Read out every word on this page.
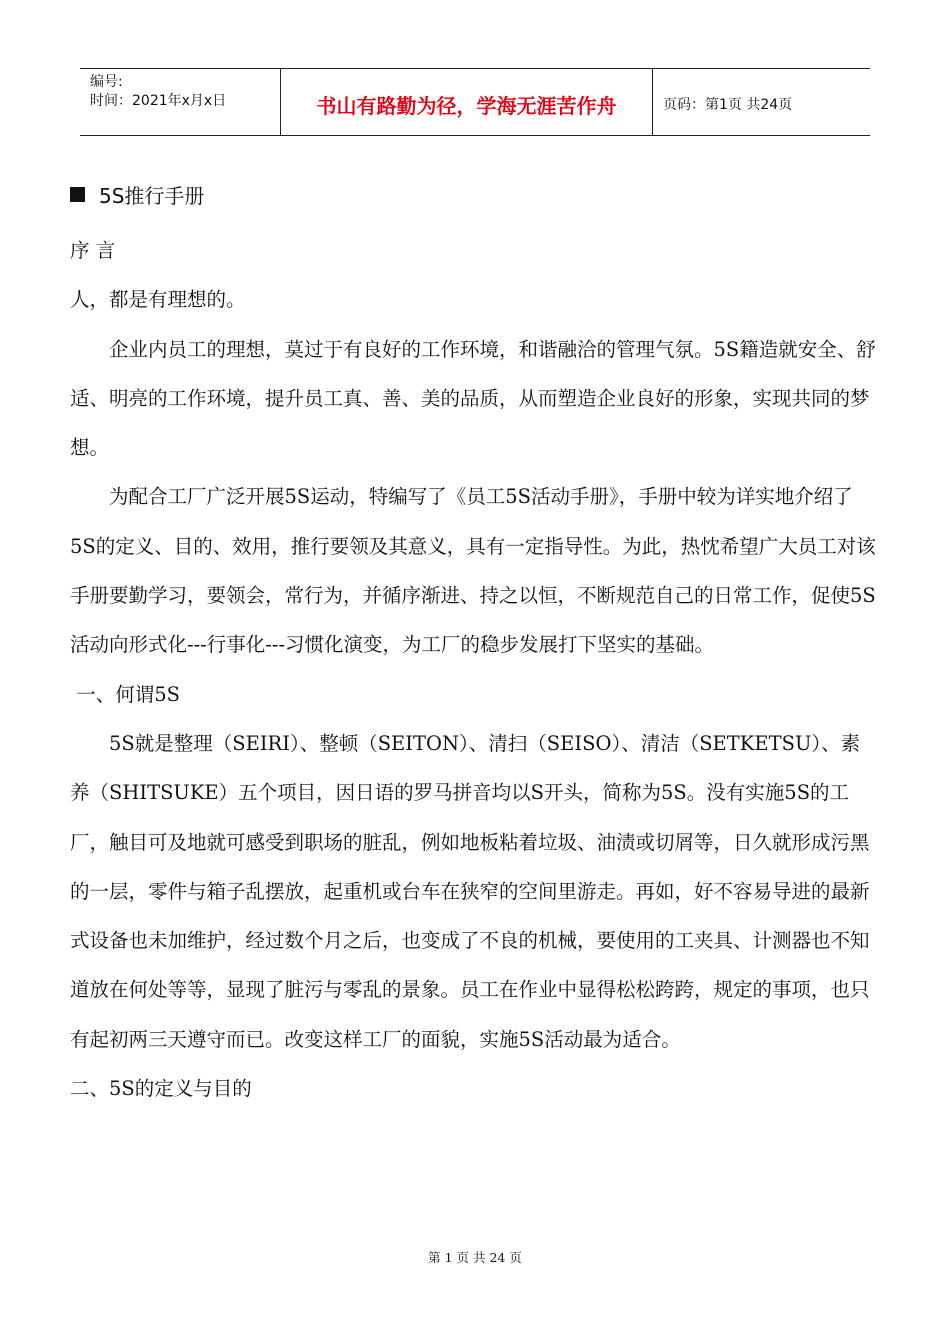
编号:
时间：2021年x月x日	书山有路勤为径，学海无涯苦作舟	页码：第1页 共24页
5S推行手册

序 言

人，都是有理想的。

企业内员工的理想，莫过于有良好的工作环境，和谐融洽的管理气氛。5S籍造就安全、舒适、明亮的工作环境，提升员工真、善、美的品质，从而塑造企业良好的形象，实现共同的梦想。

为配合工厂广泛开展5S运动，特编写了《员工5S活动手册》，手册中较为详实地介绍了5S的定义、目的、效用，推行要领及其意义，具有一定指导性。为此，热忱希望广大员工对该手册要勤学习，要领会，常行为，并循序渐进、持之以恒，不断规范自己的日常工作，促使5S活动向形式化---行事化---习惯化演变，为工厂的稳步发展打下坚实的基础。

一、何谓5S

5S就是整理（SEIRI）、整顿（SEITON）、清扫（SEISO）、清洁（SETKETSU）、素养（SHITSUKE）五个项目，因日语的罗马拼音均以S开头，简称为5S。没有实施5S的工厂，触目可及地就可感受到职场的脏乱，例如地板粘着垃圾、油渍或切屑等，日久就形成污黑的一层，零件与箱子乱摆放，起重机或台车在狭窄的空间里游走。再如，好不容易导进的最新式设备也未加维护，经过数个月之后，也变成了不良的机械，要使用的工夹具、计测器也不知道放在何处等等，显现了脏污与零乱的景象。员工在作业中显得松松跨跨，规定的事项，也只有起初两三天遵守而已。改变这样工厂的面貌，实施5S活动最为适合。

二、5S的定义与目的

第 1 页 共 24 页
